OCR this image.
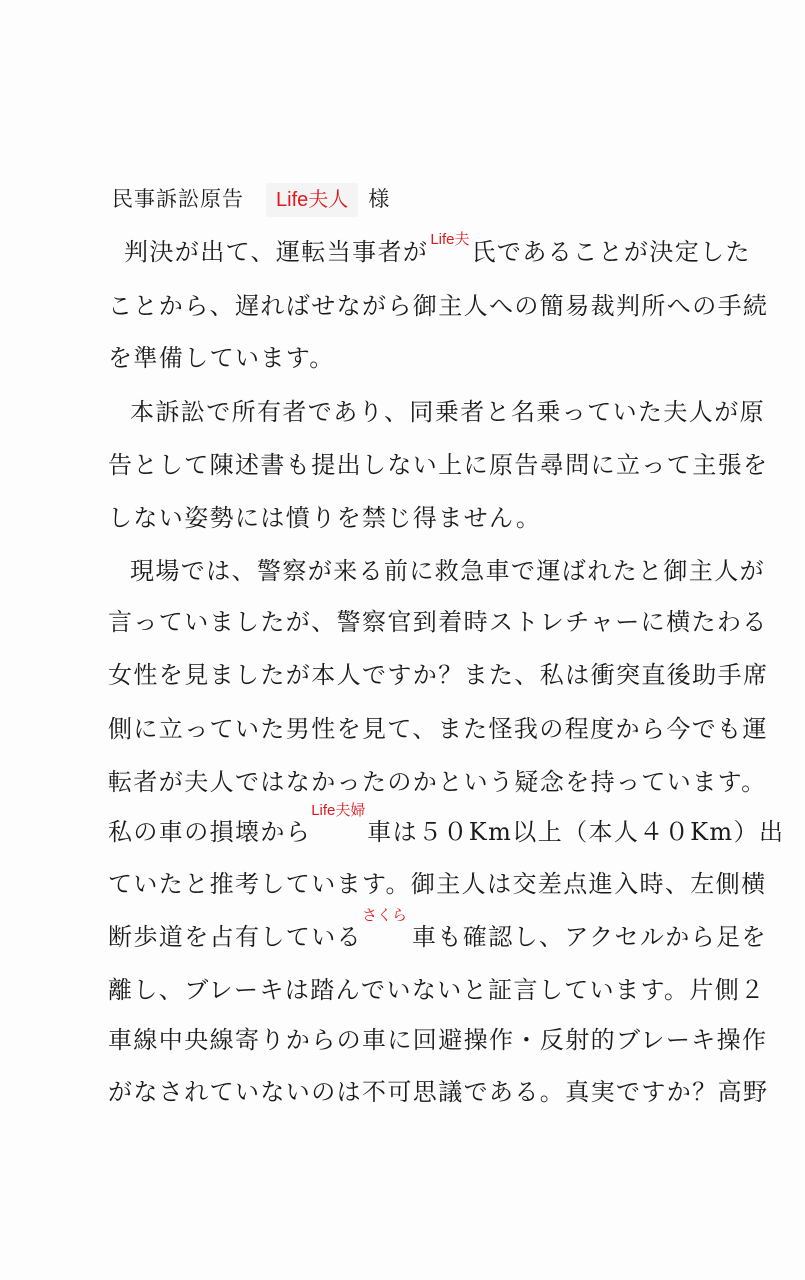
民事訴訟原告 Life夫人 様
判決が出て、運転当事者が Life夫氏であることが決定した
ことから、遅ればせながら御主人への簡易裁判所への手続
を準備しています。
本訴訟で所有者であり、同乗者と名乗っていた夫人が原
告として陳述書も提出しない上に原告尋問に立って主張を
しない姿勢には憤りを禁じ得ません。
現場では、警察が来る前に救急車で運ばれたと御主人が
言っていましたが、警察官到着時ストレチャーに横たわる
女性を見ましたが本人ですか？また、私は衝突直後助手席
側に立っていた男性を見て、また怪我の程度から今でも運
転者が夫人ではなかったのかという疑念を持っています。
私の車の損壊から
Life夫婦
車は５０Km以上（本人４０Km）出
ていたと推考しています。御主人は交差点進入時、左側横
断歩道を占有している
さくら
車も確認し、アクセルから足を
離し、ブレーキは踏んでいないと証言しています。片側２
車線中央線寄りからの車に回避操作・反射的ブレーキ操作
がなされていないのは不可思議である。真実ですか？高野
